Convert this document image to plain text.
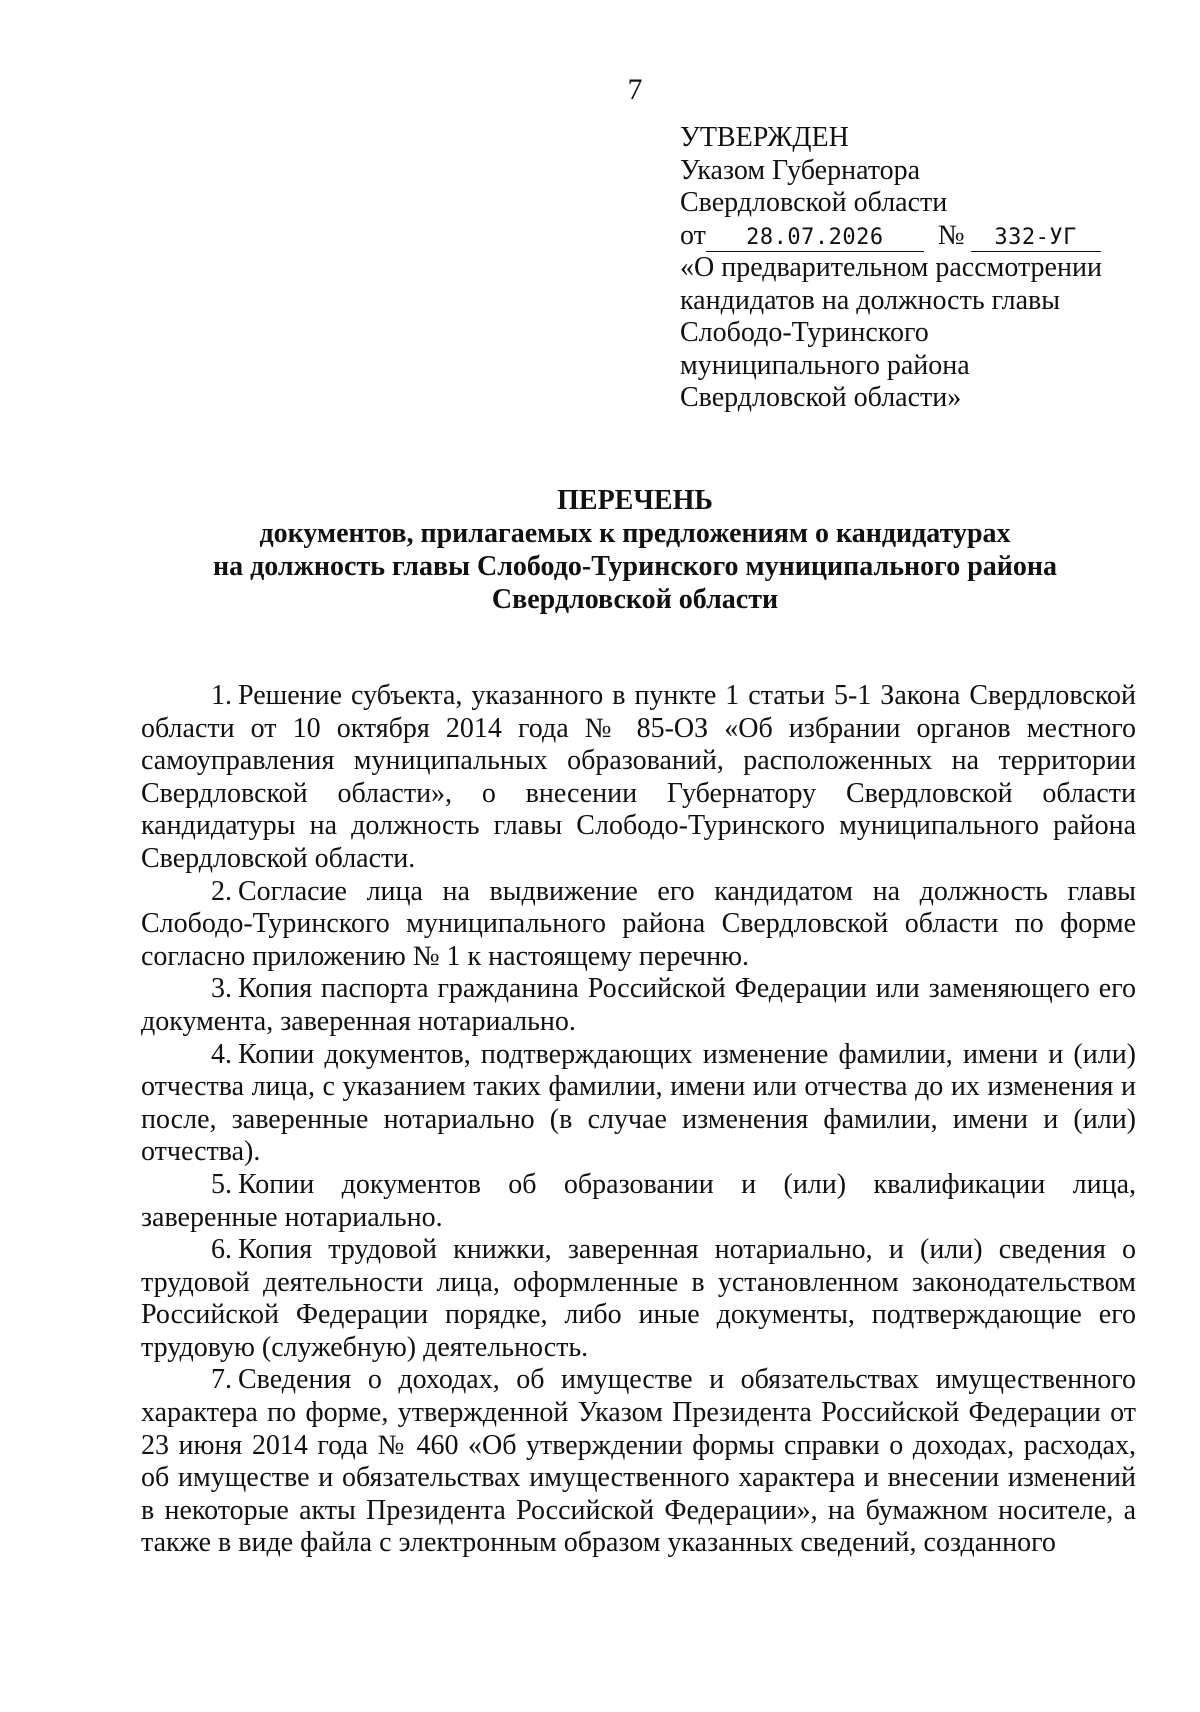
7
УТВЕРЖДЕН
Указом Губернатора
Свердловской области
от	28.07.2026	№	332-УГ
«О предварительном рассмотрении
кандидатов на должность главы
Слободо-Туринского
муниципального района
Свердловской области»
ПЕРЕЧЕНЬ
документов, прилагаемых к предложениям о кандидатурах
на должность главы Слободо-Туринского муниципального района
Свердловской области

1. Решение субъекта, указанного в пункте 1 статьи 5-1 Закона Свердловской области от 10 октября 2014 года № 85-ОЗ «Об избрании органов местного самоуправления муниципальных образований, расположенных на территории Свердловской области», о внесении Губернатору Свердловской области кандидатуры на должность главы Слободо-Туринского муниципального района Свердловской области.

2. Согласие лица на выдвижение его кандидатом на должность главы Слободо-Туринского муниципального района Свердловской области по форме согласно приложению № 1 к настоящему перечню.

3. Копия паспорта гражданина Российской Федерации или заменяющего его документа, заверенная нотариально.

4. Копии документов, подтверждающих изменение фамилии, имени и (или) отчества лица, с указанием таких фамилии, имени или отчества до их изменения и после, заверенные нотариально (в случае изменения фамилии, имени и (или) отчества).

5. Копии документов об образовании и (или) квалификации лица, заверенные нотариально.

6. Копия трудовой книжки, заверенная нотариально, и (или) сведения о трудовой деятельности лица, оформленные в установленном законодательством Российской Федерации порядке, либо иные документы, подтверждающие его трудовую (служебную) деятельность.

7. Сведения о доходах, об имуществе и обязательствах имущественного характера по форме, утвержденной Указом Президента Российской Федерации от 23 июня 2014 года № 460 «Об утверждении формы справки о доходах, расходах, об имуществе и обязательствах имущественного характера и внесении изменений в некоторые акты Президента Российской Федерации», на бумажном носителе, а также в виде файла с электронным образом указанных сведений, созданного
